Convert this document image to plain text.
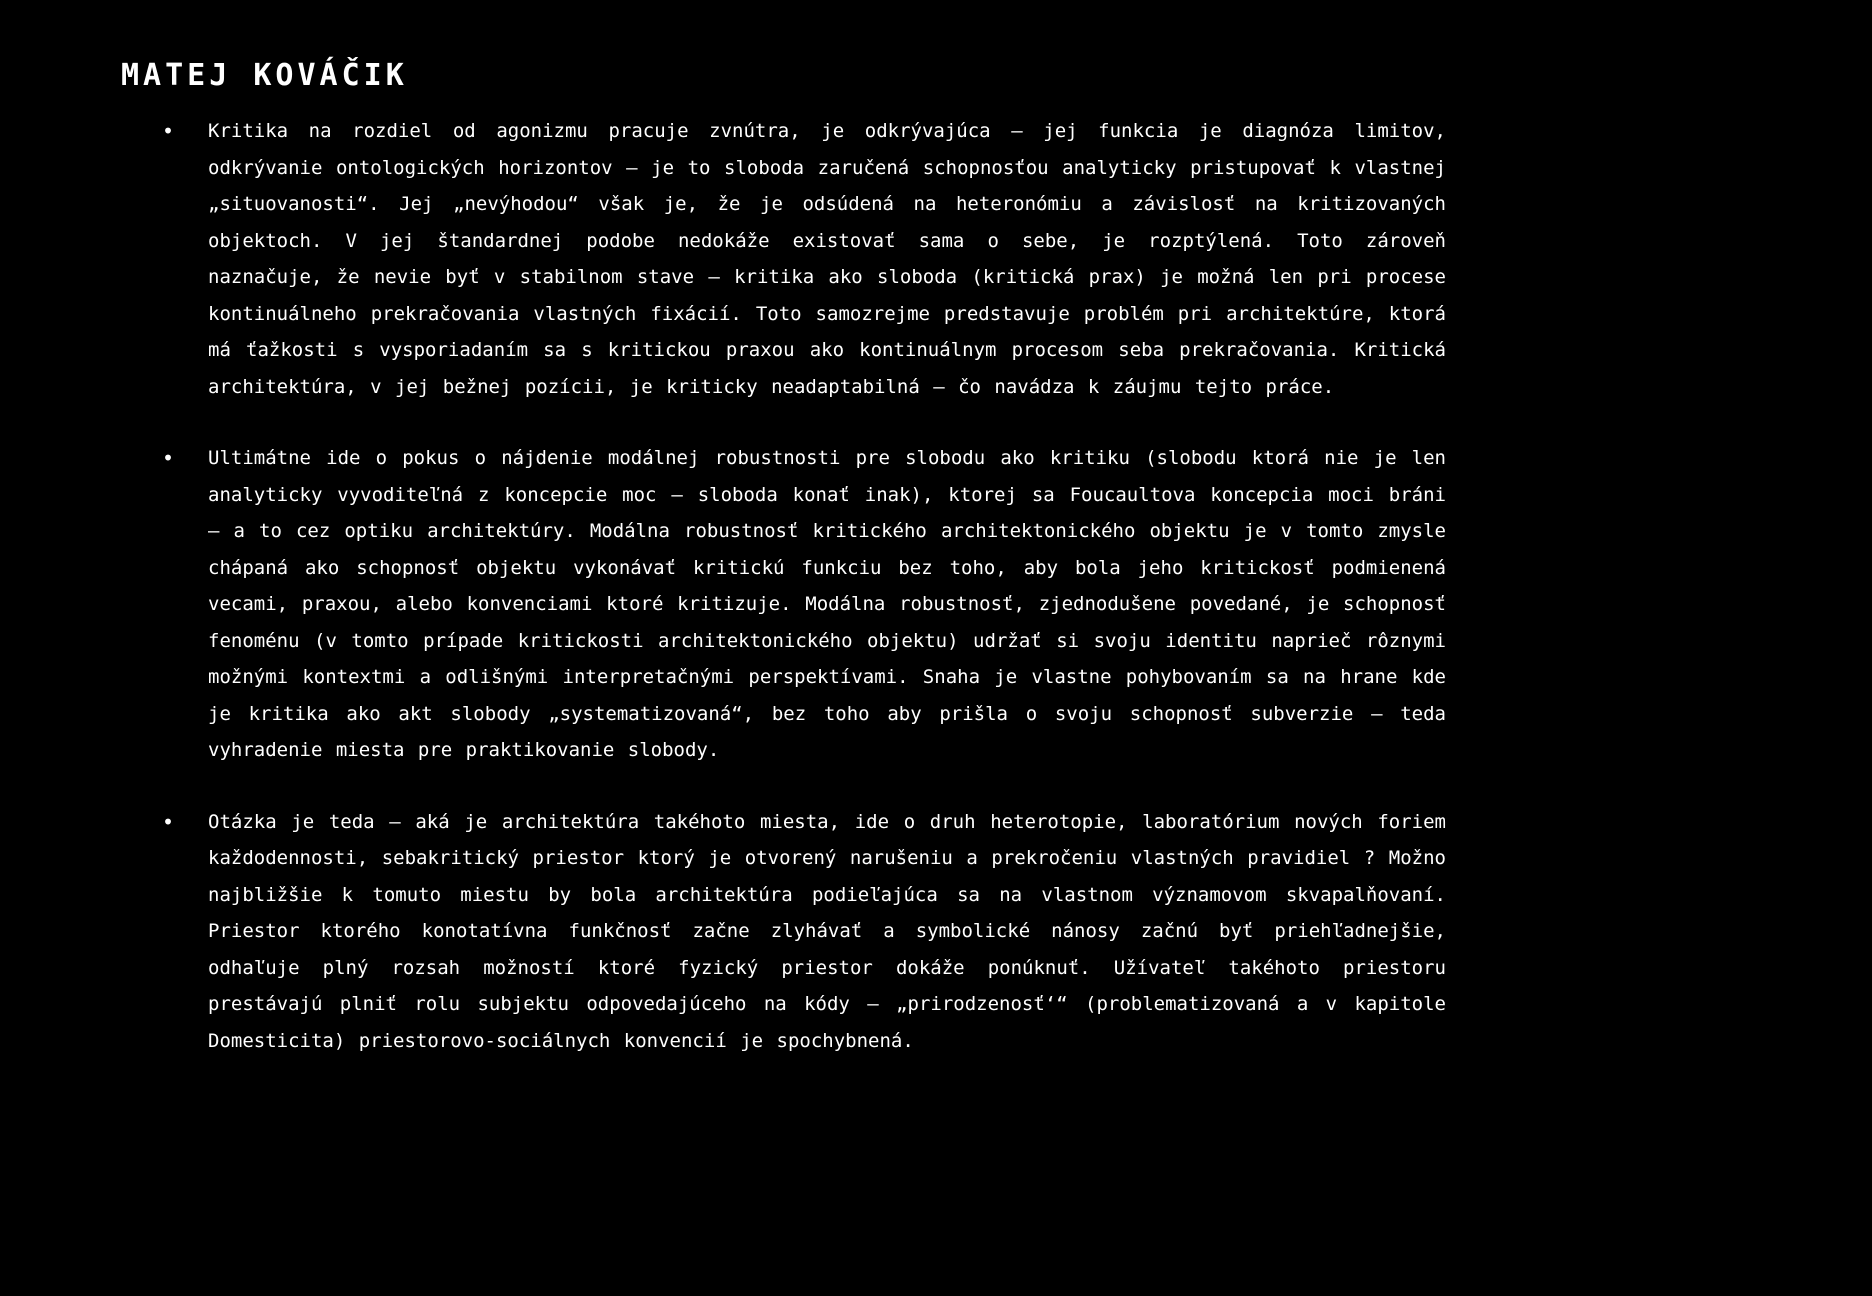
MATEJ KOVÁČIK
•	Kritika na rozdiel od agonizmu pracuje zvnútra, je odkrývajúca – jej funkcia je diagnóza limitov, odkrývanie ontologických horizontov – je to sloboda zaručená schopnosťou analyticky pristupovať k vlastnej „situovanosti“. Jej „nevýhodou“ však je, že je odsúdená na heteronómiu a závislosť na kritizovaných objektoch. V jej štandardnej podobe nedokáže existovať sama o sebe, je rozptýlená. Toto zároveň naznačuje, že nevie byť v stabilnom stave – kritika ako sloboda (kritická prax) je možná len pri procese kontinuálneho prekračovania vlastných fixácií. Toto samozrejme predstavuje problém pri architektúre, ktorá má ťažkosti s vysporiadaním sa s kritickou praxou ako kontinuálnym procesom seba prekračovania. Kritická architektúra, v jej bežnej pozícii, je kriticky neadaptabilná – čo navádza k záujmu tejto práce.

•	Ultimátne ide o pokus o nájdenie modálnej robustnosti pre slobodu ako kritiku (slobodu ktorá nie je len analyticky vyvoditeľná z koncepcie moc – sloboda konať inak), ktorej sa Foucaultova koncepcia moci bráni – a to cez optiku architektúry. Modálna robustnosť kritického architektonického objektu je v tomto zmysle chápaná ako schopnosť objektu vykonávať kritickú funkciu bez toho, aby bola jeho kritickosť podmienená vecami, praxou, alebo konvenciami ktoré kritizuje. Modálna robustnosť, zjednodušene povedané, je schopnosť fenoménu (v tomto prípade kritickosti architektonického objektu) udržať si svoju identitu naprieč rôznymi možnými kontextmi a odlišnými interpretačnými perspektívami. Snaha je vlastne pohybovaním sa na hrane kde je kritika ako akt slobody „systematizovaná“, bez toho aby prišla o svoju schopnosť subverzie – teda vyhradenie miesta pre praktikovanie slobody.

•	Otázka je teda – aká je architektúra takéhoto miesta, ide o druh heterotopie, laboratórium nových foriem každodennosti, sebakritický priestor ktorý je otvorený narušeniu a prekročeniu vlastných pravidiel ? Možno najbližšie k tomuto miestu by bola architektúra podieľajúca sa na vlastnom významovom skvapalňovaní. Priestor ktorého konotatívna funkčnosť začne zlyhávať a symbolické nánosy začnú byť priehľadnejšie, odhaľuje plný rozsah možností ktoré fyzický priestor dokáže ponúknuť. Užívateľ takéhoto priestoru prestávajú plniť rolu subjektu odpovedajúceho na kódy – „prirodzenosť‘“ (problematizovaná a v kapitole Domesticita) priestorovo-sociálnych konvencií je spochybnená.
